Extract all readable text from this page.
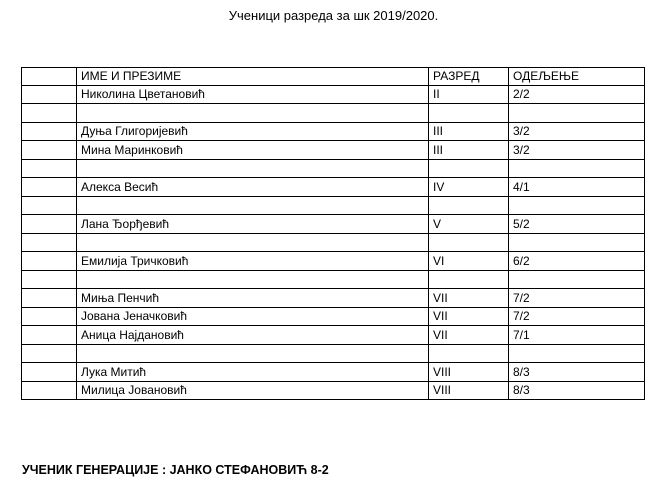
Ученици разреда за шк 2019/2020.
	ИМЕ И ПРЕЗИМЕ	РАЗРЕД	ОДЕЉЕЊЕ
	Николина Цветановић	II	2/2

	Дуња Глигоријевић	III	3/2
	Мина Маринковић	III	3/2

	Алекса Весић	IV	4/1

	Лана Ђорђевић	V	5/2

	Емилија Тричковић	VI	6/2

	Миња Пенчић	VII	7/2
	Јована Јеначковић	VII	7/2
	Аница Најдановић	VII	7/1

	Лука Митић	VIII	8/3
	Милица Јовановић	VIII	8/3
УЧЕНИК ГЕНЕРАЦИЈЕ : ЈАНКО СТЕФАНОВИЋ 8-2
